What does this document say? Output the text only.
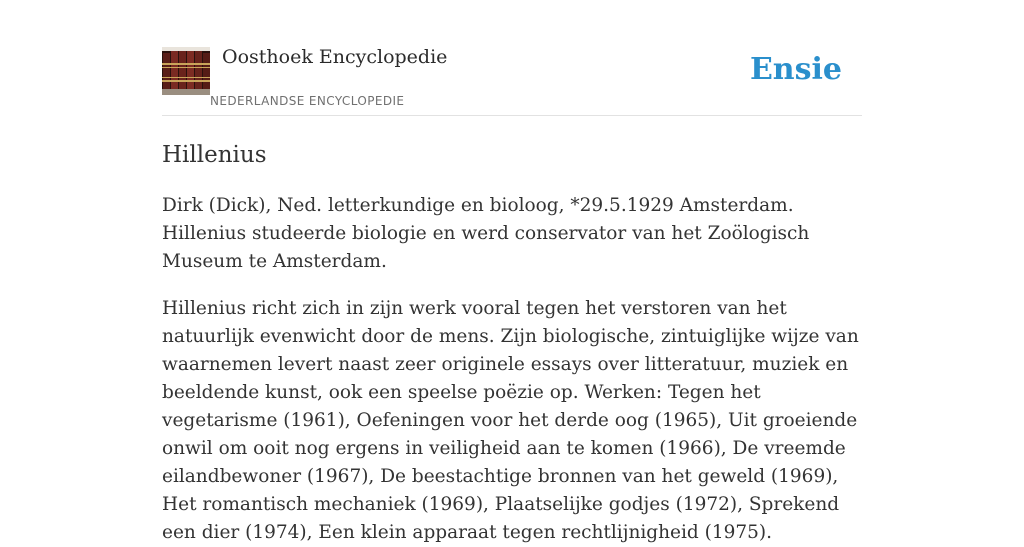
Oosthoek Encyclopedie
NEDERLANDSE ENCYCLOPEDIE
Ensie
Hillenius

Dirk (Dick), Ned. letterkundige en bioloog, *29.5.1929 Amsterdam. Hillenius studeerde biologie en werd conservator van het Zoölogisch Museum te Amsterdam.

Hillenius richt zich in zijn werk vooral tegen het verstoren van het natuurlijk evenwicht door de mens. Zijn biologische, zintuiglijke wijze van waarnemen levert naast zeer originele essays over litteratuur, muziek en beeldende kunst, ook een speelse poëzie op. Werken: Tegen het vegetarisme (1961), Oefeningen voor het derde oog (1965), Uit groeiende onwil om ooit nog ergens in veiligheid aan te komen (1966), De vreemde eilandbewoner (1967), De beestachtige bronnen van het geweld (1969), Het romantisch mechaniek (1969), Plaatselijke godjes (1972), Sprekend een dier (1974), Een klein apparaat tegen rechtlijnigheid (1975).
